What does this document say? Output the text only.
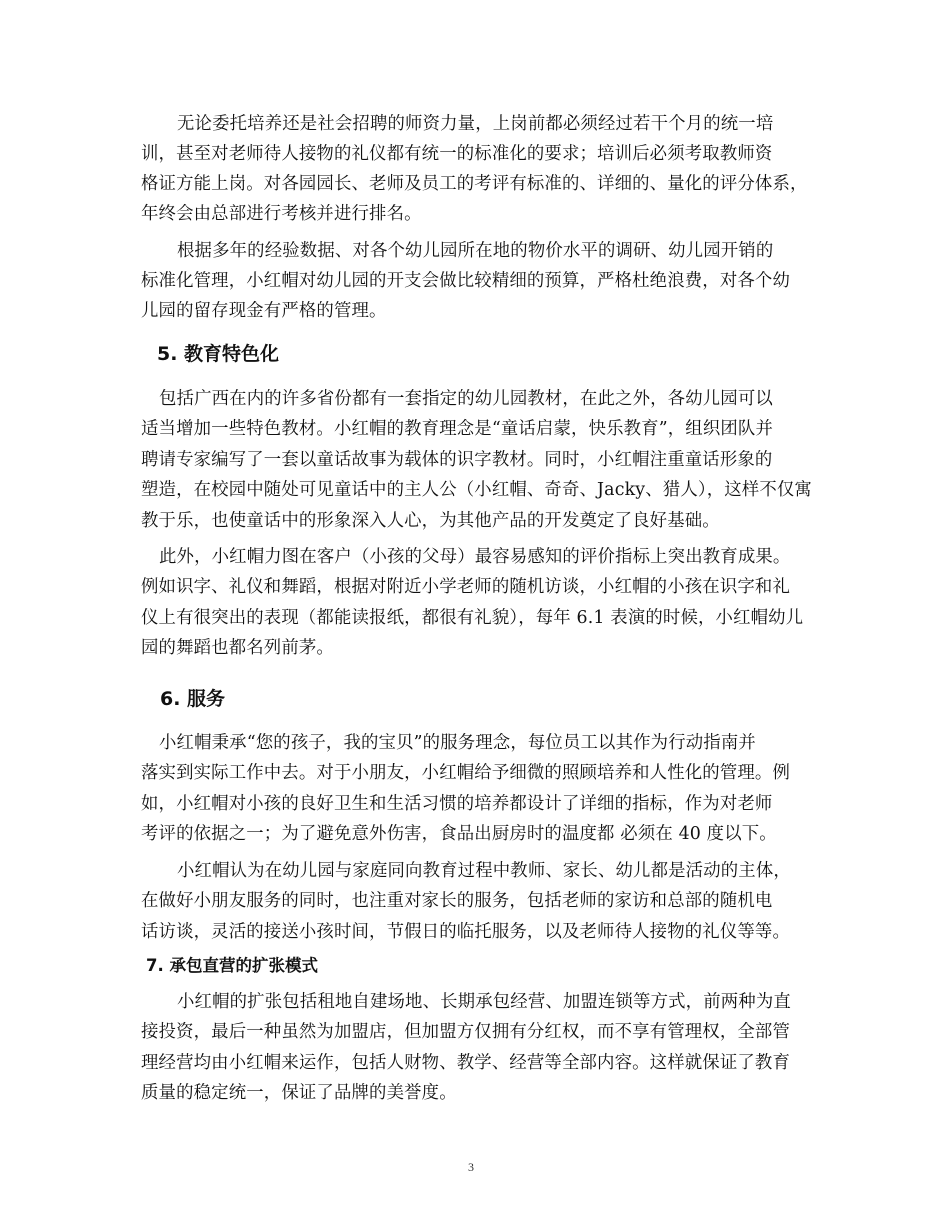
无论委托培养还是社会招聘的师资力量，上岗前都必须经过若干个月的统一培
训，甚至对老师待人接物的礼仪都有统一的标准化的要求；培训后必须考取教师资
格证方能上岗。对各园园长、老师及员工的考评有标准的、详细的、量化的评分体系，
年终会由总部进行考核并进行排名。
根据多年的经验数据、对各个幼儿园所在地的物价水平的调研、幼儿园开销的
标准化管理，小红帽对幼儿园的开支会做比较精细的预算，严格杜绝浪费，对各个幼
儿园的留存现金有严格的管理。
5. 教育特色化
包括广西在内的许多省份都有一套指定的幼儿园教材，在此之外，各幼儿园可以
适当增加一些特色教材。小红帽的教育理念是“童话启蒙，快乐教育”，组织团队并
聘请专家编写了一套以童话故事为载体的识字教材。同时，小红帽注重童话形象的
塑造，在校园中随处可见童话中的主人公（小红帽、奇奇、Jacky、猎人），这样不仅寓
教于乐，也使童话中的形象深入人心，为其他产品的开发奠定了良好基础。
此外，小红帽力图在客户（小孩的父母）最容易感知的评价指标上突出教育成果。
例如识字、礼仪和舞蹈，根据对附近小学老师的随机访谈，小红帽的小孩在识字和礼
仪上有很突出的表现（都能读报纸，都很有礼貌），每年 6.1 表演的时候，小红帽幼儿
园的舞蹈也都名列前茅。
6. 服务
小红帽秉承“您的孩子，我的宝贝”的服务理念，每位员工以其作为行动指南并
落实到实际工作中去。对于小朋友，小红帽给予细微的照顾培养和人性化的管理。例
如，小红帽对小孩的良好卫生和生活习惯的培养都设计了详细的指标，作为对老师
考评的依据之一；为了避免意外伤害，食品出厨房时的温度都 必须在 40 度以下。
小红帽认为在幼儿园与家庭同向教育过程中教师、家长、幼儿都是活动的主体，
在做好小朋友服务的同时，也注重对家长的服务，包括老师的家访和总部的随机电
话访谈，灵活的接送小孩时间，节假日的临托服务，以及老师待人接物的礼仪等等。
7. 承包直营的扩张模式
小红帽的扩张包括租地自建场地、长期承包经营、加盟连锁等方式，前两种为直
接投资，最后一种虽然为加盟店，但加盟方仅拥有分红权，而不享有管理权，全部管
理经营均由小红帽来运作，包括人财物、教学、经营等全部内容。这样就保证了教育
质量的稳定统一，保证了品牌的美誉度。
3
